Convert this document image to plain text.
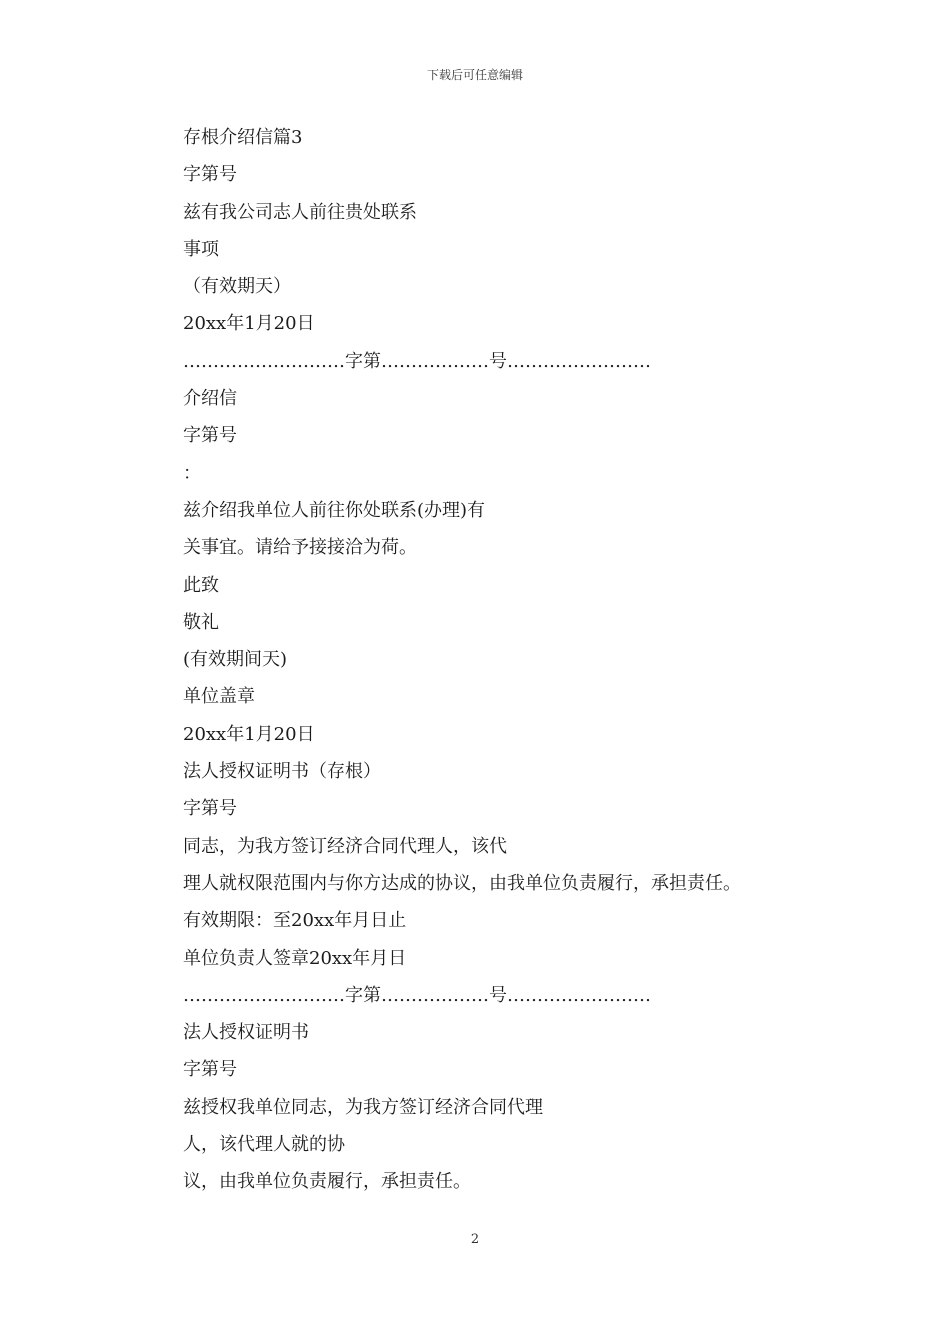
下载后可任意编辑
存根介绍信篇3
字第号
兹有我公司志人前往贵处联系
事项
（有效期天）
20xx年1月20日
………………………字第………………号……………………
介绍信
字第号
：
兹介绍我单位人前往你处联系(办理)有
关事宜。请给予接接洽为荷。
此致
敬礼
(有效期间天)
单位盖章
20xx年1月20日
法人授权证明书（存根）
字第号
同志，为我方签订经济合同代理人，该代
理人就权限范围内与你方达成的协议，由我单位负责履行，承担责任。
有效期限：至20xx年月日止
单位负责人签章20xx年月日
………………………字第………………号……………………
法人授权证明书
字第号
兹授权我单位同志，为我方签订经济合同代理
人，该代理人就的协
议，由我单位负责履行，承担责任。
2
